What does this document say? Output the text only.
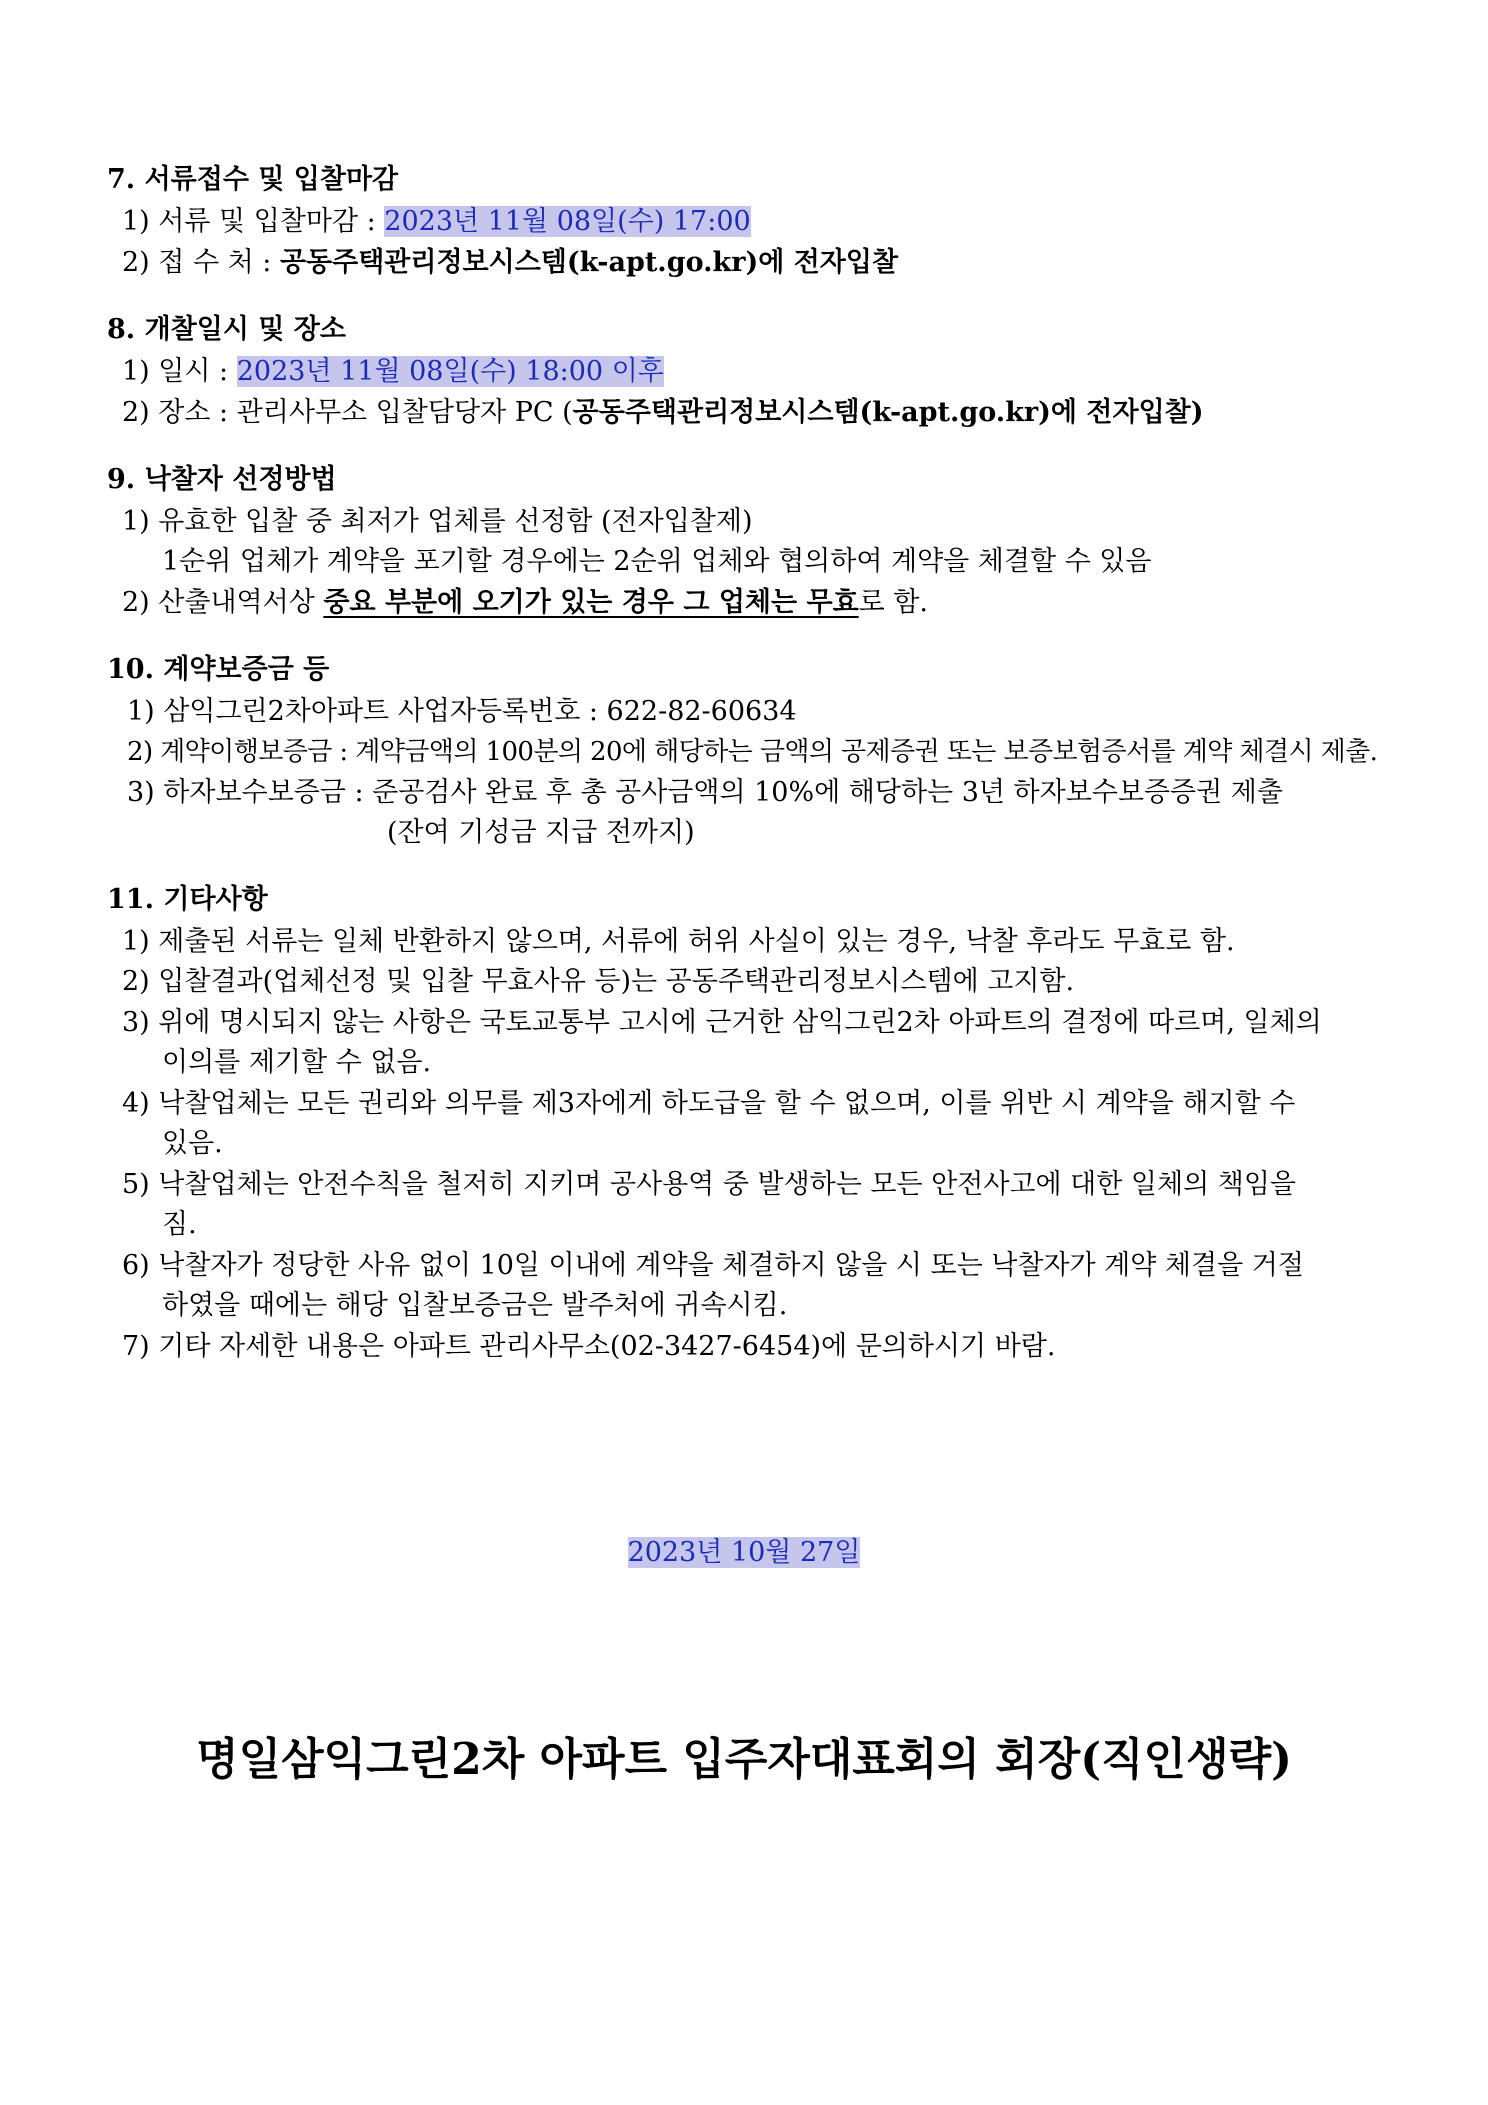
7. 서류접수 및 입찰마감
1) 서류 및 입찰마감 : 2023년 11월 08일(수) 17:00
2) 접 수 처 : 공동주택관리정보시스템(k-apt.go.kr)에 전자입찰
8. 개찰일시 및 장소
1) 일시 : 2023년 11월 08일(수) 18:00 이후
2) 장소 : 관리사무소 입찰담당자 PC (공동주택관리정보시스템(k-apt.go.kr)에 전자입찰)
9. 낙찰자 선정방법
1) 유효한 입찰 중 최저가 업체를 선정함 (전자입찰제)
1순위 업체가 계약을 포기할 경우에는 2순위 업체와 협의하여 계약을 체결할 수 있음
2) 산출내역서상 중요 부분에 오기가 있는 경우 그 업체는 무효로 함.
10. 계약보증금 등
1) 삼익그린2차아파트 사업자등록번호 : 622-82-60634
2) 계약이행보증금 : 계약금액의 100분의 20에 해당하는 금액의 공제증권 또는 보증보험증서를 계약 체결시 제출.
3) 하자보수보증금 : 준공검사 완료 후 총 공사금액의 10%에 해당하는 3년 하자보수보증증권 제출
(잔여 기성금 지급 전까지)
11. 기타사항
1) 제출된 서류는 일체 반환하지 않으며, 서류에 허위 사실이 있는 경우, 낙찰 후라도 무효로 함.
2) 입찰결과(업체선정 및 입찰 무효사유 등)는 공동주택관리정보시스템에 고지함.
3) 위에 명시되지 않는 사항은 국토교통부 고시에 근거한 삼익그린2차 아파트의 결정에 따르며, 일체의
이의를 제기할 수 없음.
4) 낙찰업체는 모든 권리와 의무를 제3자에게 하도급을 할 수 없으며, 이를 위반 시 계약을 해지할 수
있음.
5) 낙찰업체는 안전수칙을 철저히 지키며 공사용역 중 발생하는 모든 안전사고에 대한 일체의 책임을
짐.
6) 낙찰자가 정당한 사유 없이 10일 이내에 계약을 체결하지 않을 시 또는 낙찰자가 계약 체결을 거절
하였을 때에는 해당 입찰보증금은 발주처에 귀속시킴.
7) 기타 자세한 내용은 아파트 관리사무소(02-3427-6454)에 문의하시기 바람.
2023년 10월 27일
명일삼익그린2차 아파트 입주자대표회의 회장(직인생략)
